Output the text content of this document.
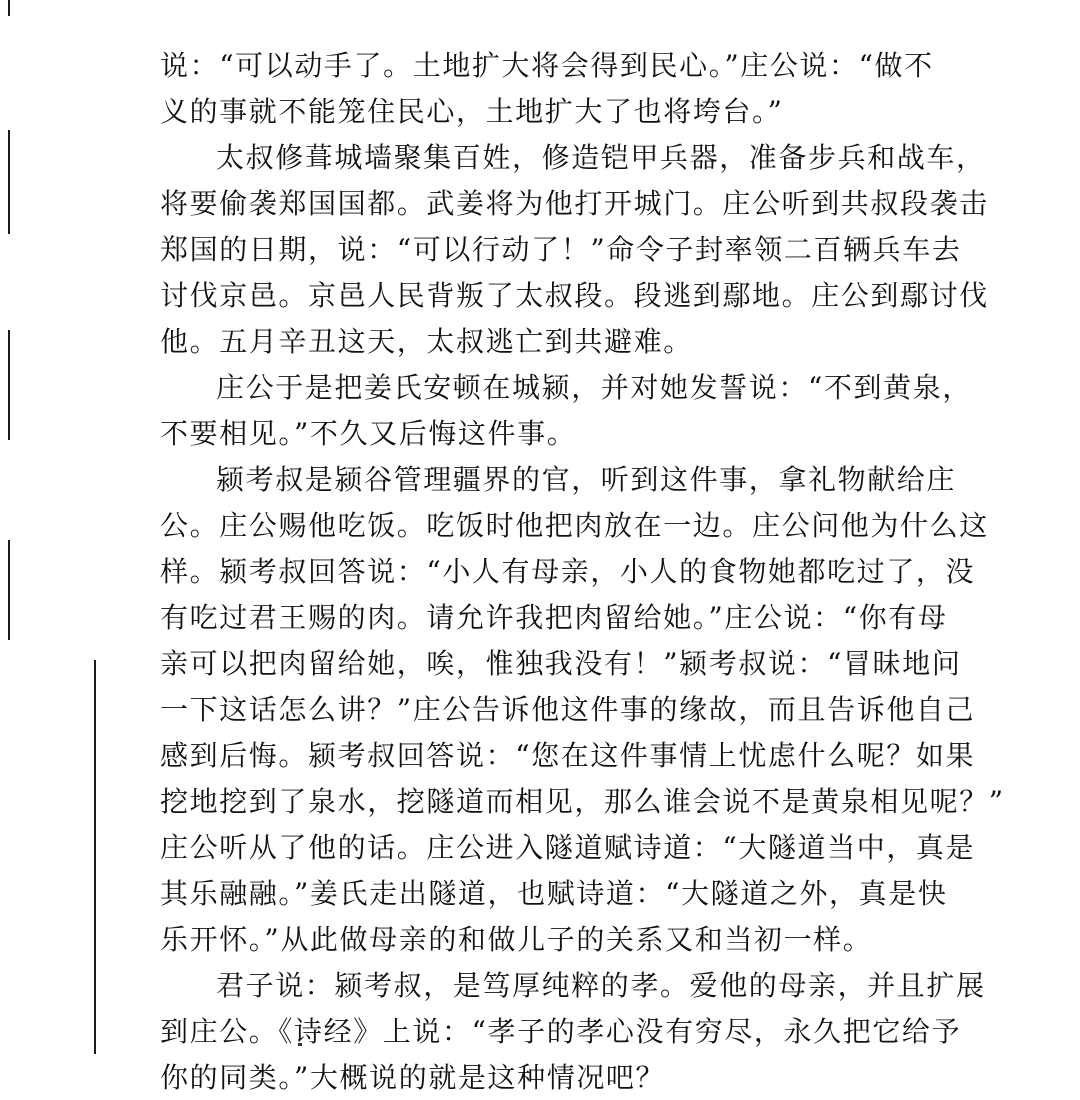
说：“可以动手了。土地扩大将会得到民心。”庄公说：“做不
义的事就不能笼住民心，土地扩大了也将垮台。”
太叔修葺城墙聚集百姓，修造铠甲兵器，准备步兵和战车，
将要偷袭郑国国都。武姜将为他打开城门。庄公听到共叔段袭击
郑国的日期，说：“可以行动了！”命令子封率领二百辆兵车去
讨伐京邑。京邑人民背叛了太叔段。段逃到鄢地。庄公到鄢讨伐
他。五月辛丑这天，太叔逃亡到共避难。
庄公于是把姜氏安顿在城颍，并对她发誓说：“不到黄泉，
不要相见。”不久又后悔这件事。
颍考叔是颍谷管理疆界的官，听到这件事，拿礼物献给庄
公。庄公赐他吃饭。吃饭时他把肉放在一边。庄公问他为什么这
样。颍考叔回答说：“小人有母亲，小人的食物她都吃过了，没
有吃过君王赐的肉。请允许我把肉留给她。”庄公说：“你有母
亲可以把肉留给她，唉，惟独我没有！”颍考叔说：“冒昧地问
一下这话怎么讲？”庄公告诉他这件事的缘故，而且告诉他自己
感到后悔。颍考叔回答说：“您在这件事情上忧虑什么呢？如果
挖地挖到了泉水，挖隧道而相见，那么谁会说不是黄泉相见呢？”
庄公听从了他的话。庄公进入隧道赋诗道：“大隧道当中，真是
其乐融融。”姜氏走出隧道，也赋诗道：“大隧道之外，真是快
乐开怀。”从此做母亲的和做儿子的关系又和当初一样。
君子说：颍考叔，是笃厚纯粹的孝。爱他的母亲，并且扩展
到庄公。《诗经》上说：“孝子的孝心没有穷尽，永久把它给予
你的同类。”大概说的就是这种情况吧？
